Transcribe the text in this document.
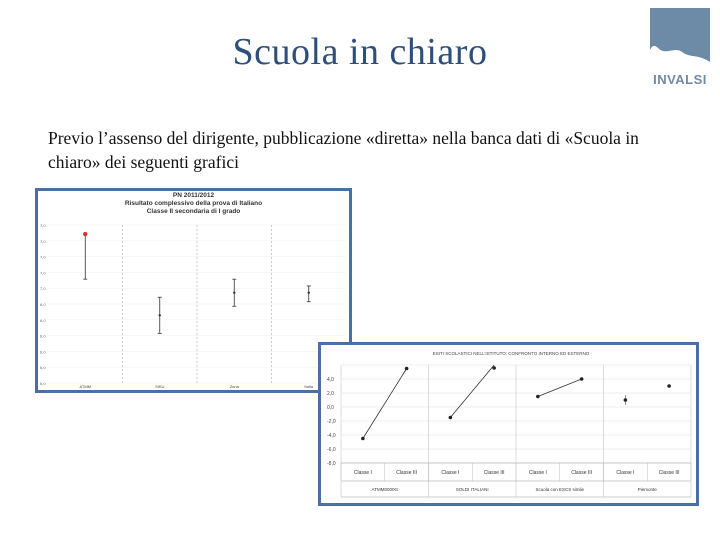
Scuola in chiaro
INVALSI
Previo l’assenso del dirigente, pubblicazione «diretta» nella banca dati di «Scuola in chiaro» dei seguenti grafici
PN 2011/2012
Risultato complessivo della prova di Italiano
Classe II secondaria di I grado
7,0
7,0
7,0
7,0
7,0
6,0
6,0
6,0
6,0
6,0
6,0
ATMM	SIKU	Zona	ItalIa
ESITI SCOLASTICI NELL'ISTITUTO: CONFRONTO INTERNO ED ESTERNO
4,0
2,0
0,0
-2,0
-4,0
-6,0
-8,0
Classe I	Classe III	Classe I	Classe III	Classe I	Classe III	Classe I	Classe III
ATMM0000G	SOLDI ITALIANI	Scuola con ESCS simile	Piemonte
